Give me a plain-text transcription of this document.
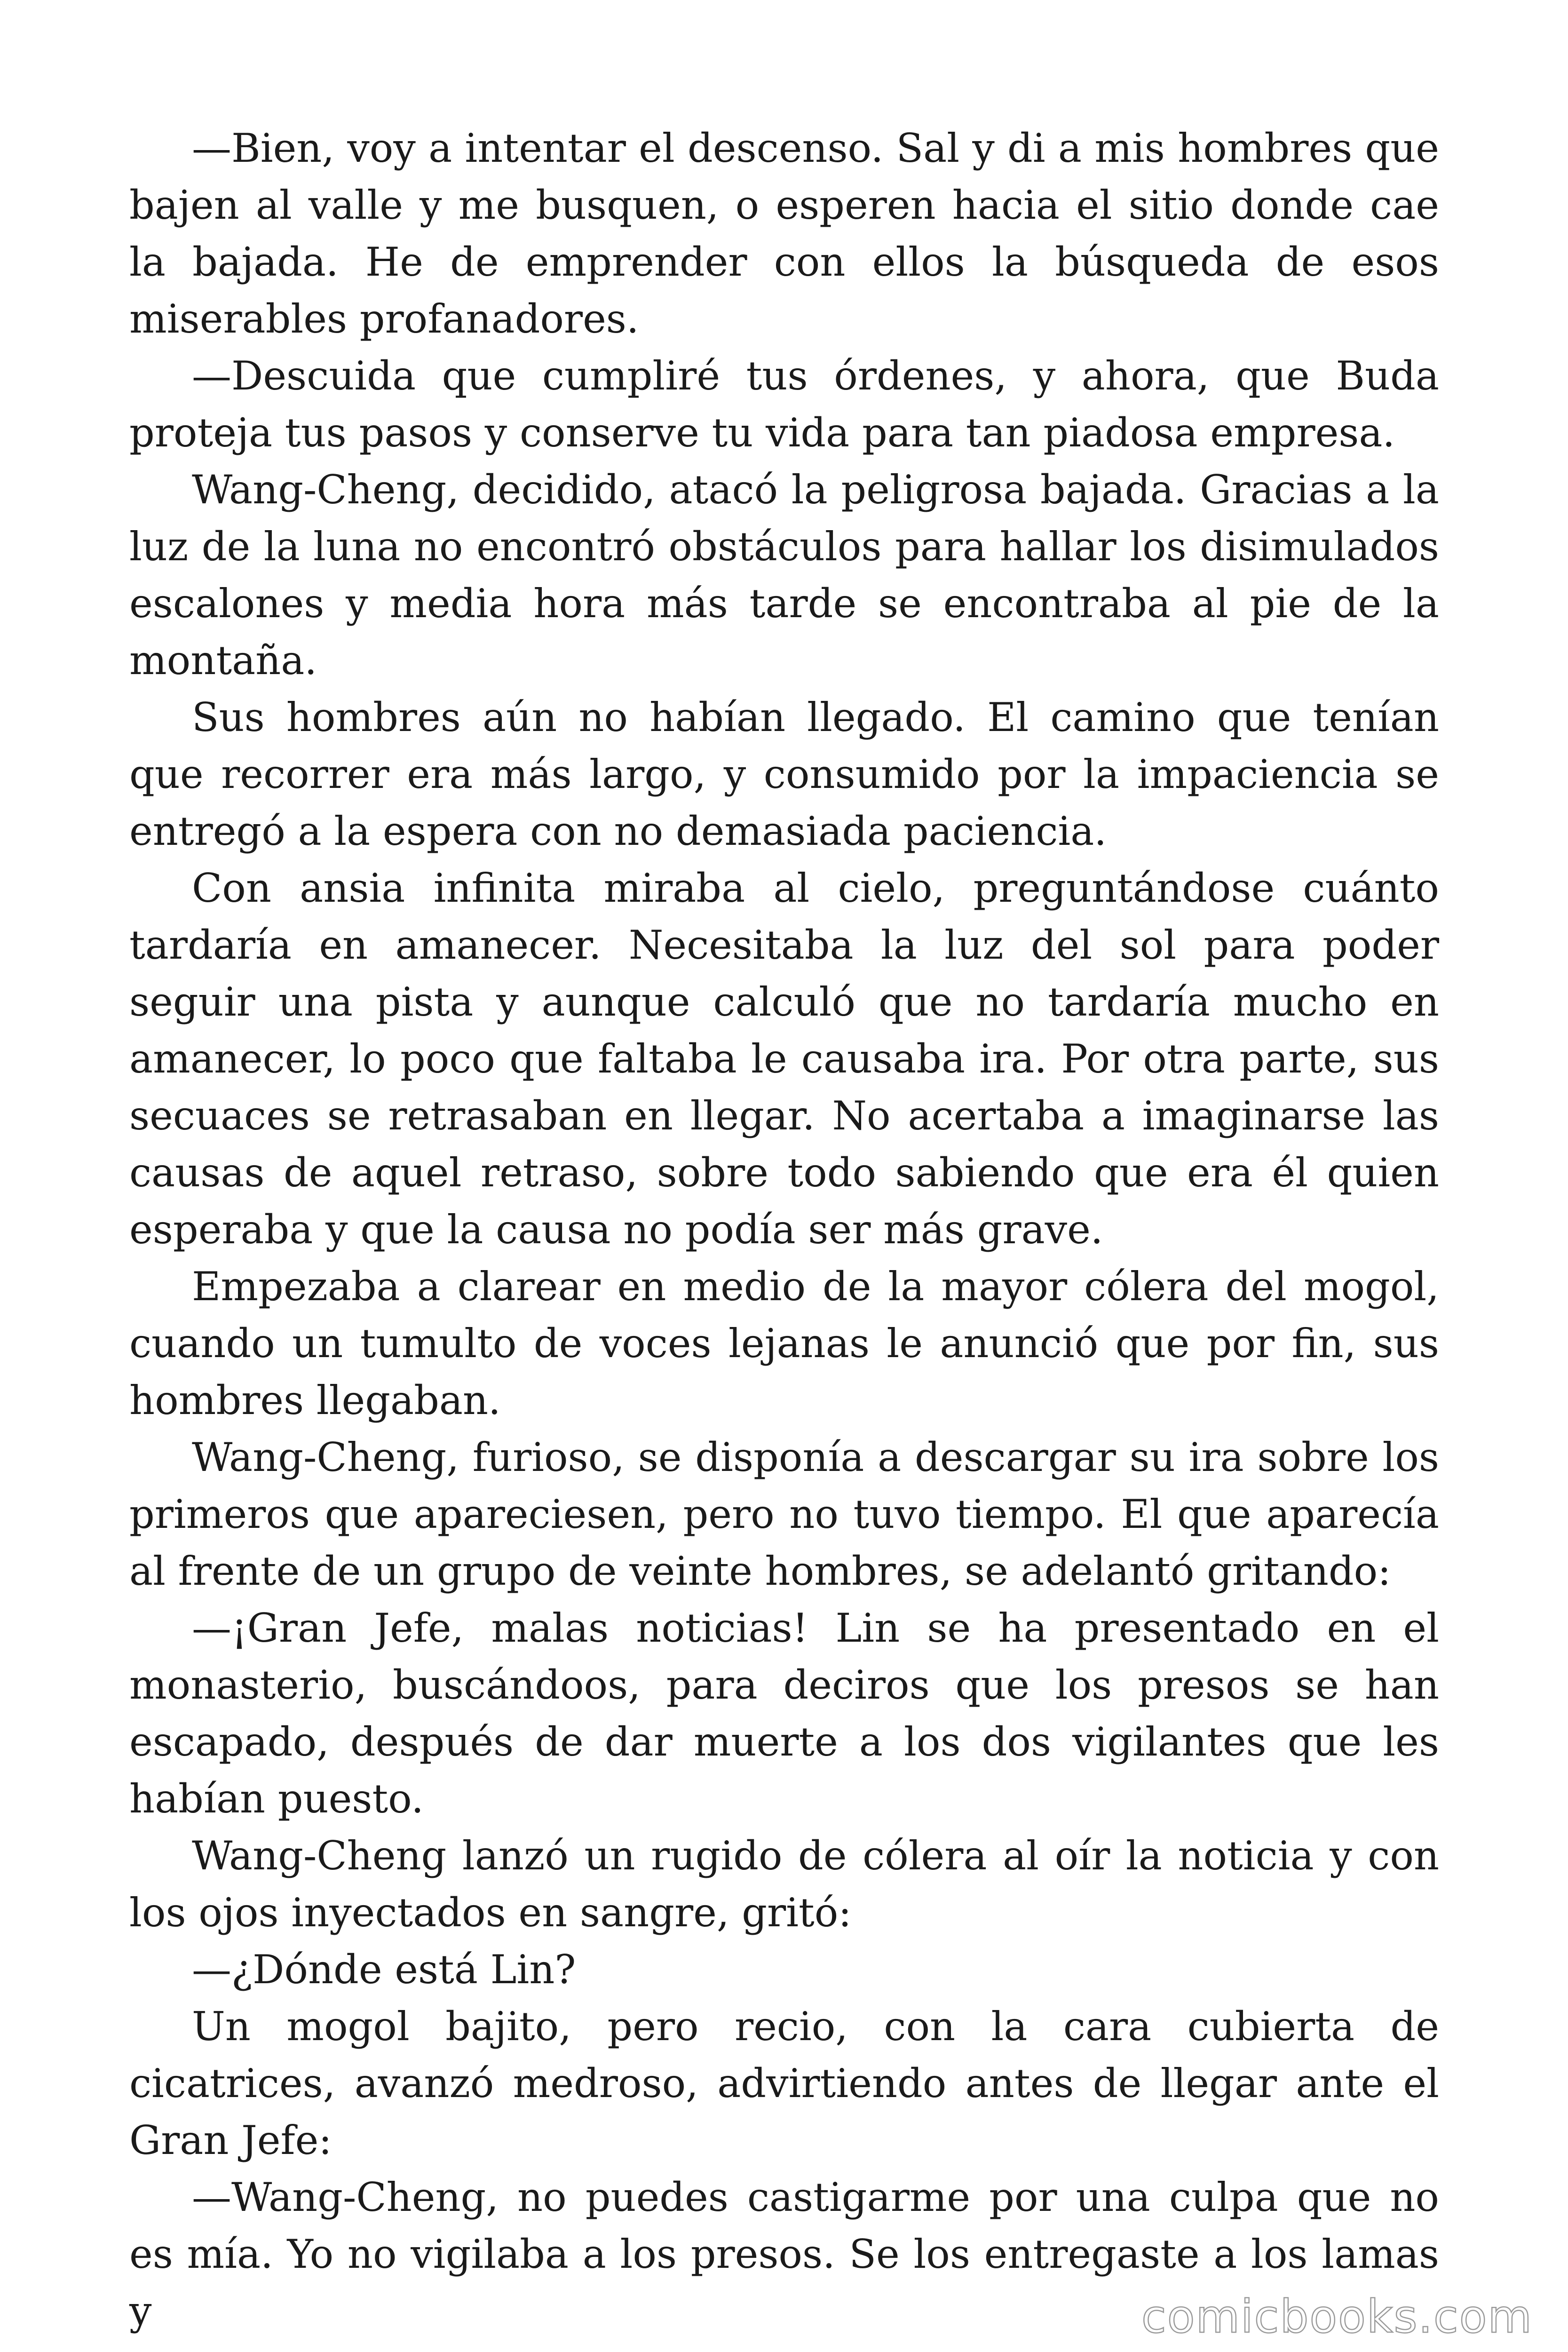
—Bien, voy a intentar el descenso. Sal y di a mis hombres que bajen al valle y me busquen, o esperen hacia el sitio donde cae la bajada. He de emprender con ellos la búsqueda de esos miserables profanadores.

—Descuida que cumpliré tus órdenes, y ahora, que Buda proteja tus pasos y conserve tu vida para tan piadosa empresa.

Wang-Cheng, decidido, atacó la peligrosa bajada. Gracias a la luz de la luna no encontró obstáculos para hallar los disimulados escalones y media hora más tarde se encontraba al pie de la montaña.

Sus hombres aún no habían llegado. El camino que tenían que recorrer era más largo, y consumido por la impaciencia se entregó a la espera con no demasiada paciencia.

Con ansia infinita miraba al cielo, preguntándose cuánto tardaría en amanecer. Necesitaba la luz del sol para poder seguir una pista y aunque calculó que no tardaría mucho en amanecer, lo poco que faltaba le causaba ira. Por otra parte, sus secuaces se retrasaban en llegar. No acertaba a imaginarse las causas de aquel retraso, sobre todo sabiendo que era él quien esperaba y que la causa no podía ser más grave.

Empezaba a clarear en medio de la mayor cólera del mogol, cuando un tumulto de voces lejanas le anunció que por fin, sus hombres llegaban.

Wang-Cheng, furioso, se disponía a descargar su ira sobre los primeros que apareciesen, pero no tuvo tiempo. El que aparecía al frente de un grupo de veinte hombres, se adelantó gritando:

—¡Gran Jefe, malas noticias! Lin se ha presentado en el monasterio, buscándoos, para deciros que los presos se han escapado, después de dar muerte a los dos vigilantes que les habían puesto.

Wang-Cheng lanzó un rugido de cólera al oír la noticia y con los ojos inyectados en sangre, gritó:

—¿Dónde está Lin?

Un mogol bajito, pero recio, con la cara cubierta de cicatrices, avanzó medroso, advirtiendo antes de llegar ante el Gran Jefe:

—Wang-Cheng, no puedes castigarme por una culpa que no es mía. Yo no vigilaba a los presos. Se los entregaste a los lamas y	comicbooks.com
